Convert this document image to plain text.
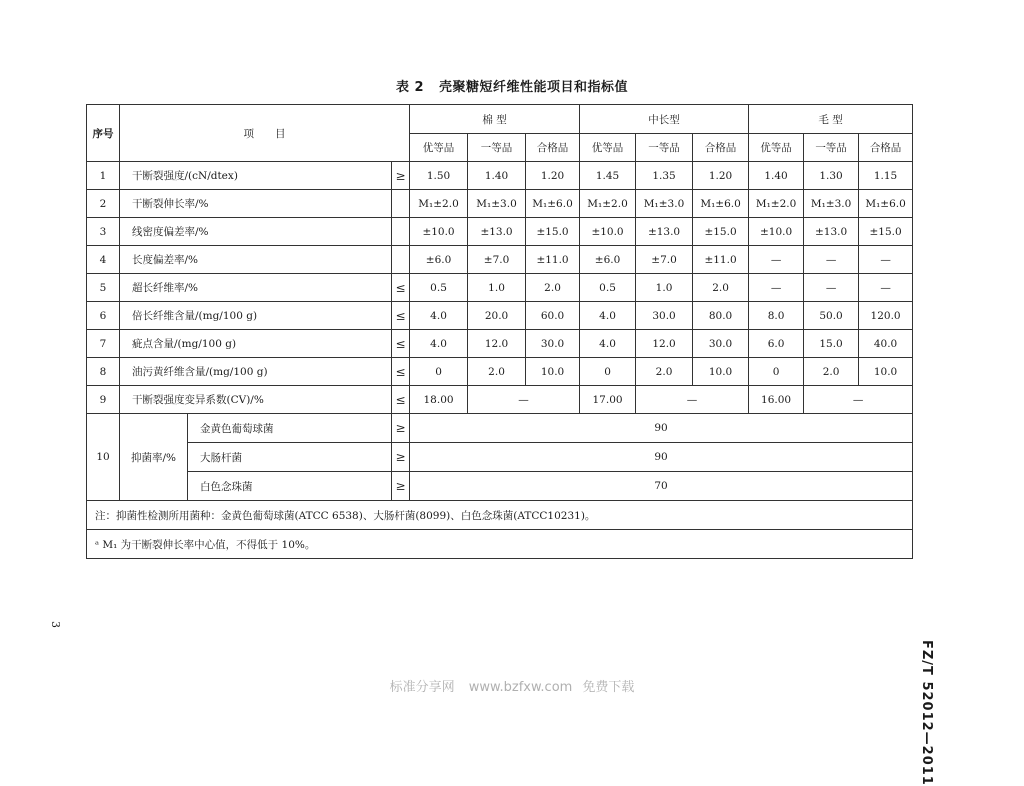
表 2 壳聚糖短纤维性能项目和指标值
序号	项　　目			棉 型			中长型			毛 型		
				优等品	一等品	合格品	优等品	一等品	合格品	优等品	一等品	合格品
1	干断裂强度/(cN/dtex)		≥	1.50	1.40	1.20	1.45	1.35	1.20	1.40	1.30	1.15
2	干断裂伸长率/%			M₁±2.0	M₁±3.0	M₁±6.0	M₁±2.0	M₁±3.0	M₁±6.0	M₁±2.0	M₁±3.0	M₁±6.0
3	线密度偏差率/%			±10.0	±13.0	±15.0	±10.0	±13.0	±15.0	±10.0	±13.0	±15.0
4	长度偏差率/%			±6.0	±7.0	±11.0	±6.0	±7.0	±11.0	—	—	—
5	超长纤维率/%		≤	0.5	1.0	2.0	0.5	1.0	2.0	—	—	—
6	倍长纤维含量/(mg/100 g)		≤	4.0	20.0	60.0	4.0	30.0	80.0	8.0	50.0	120.0
7	疵点含量/(mg/100 g)		≤	4.0	12.0	30.0	4.0	12.0	30.0	6.0	15.0	40.0
8	油污黄纤维含量/(mg/100 g)		≤	0	2.0	10.0	0	2.0	10.0	0	2.0	10.0
9	干断裂强度变异系数(CV)/%		≤	18.00	—		17.00	—		16.00	—	
10	抑菌率/%	金黄色葡萄球菌	≥	90								
		大肠杆菌	≥	90								
		白色念珠菌	≥	70								
注：抑菌性检测所用菌种：金黄色葡萄球菌(ATCC 6538)、大肠杆菌(8099)、白色念珠菌(ATCC10231)。												
ᵃ M₁ 为干断裂伸长率中心值，不得低于 10%。												
FZ/T 52012—2011
3
标准分享网 www.bzfxw.com 免费下载
